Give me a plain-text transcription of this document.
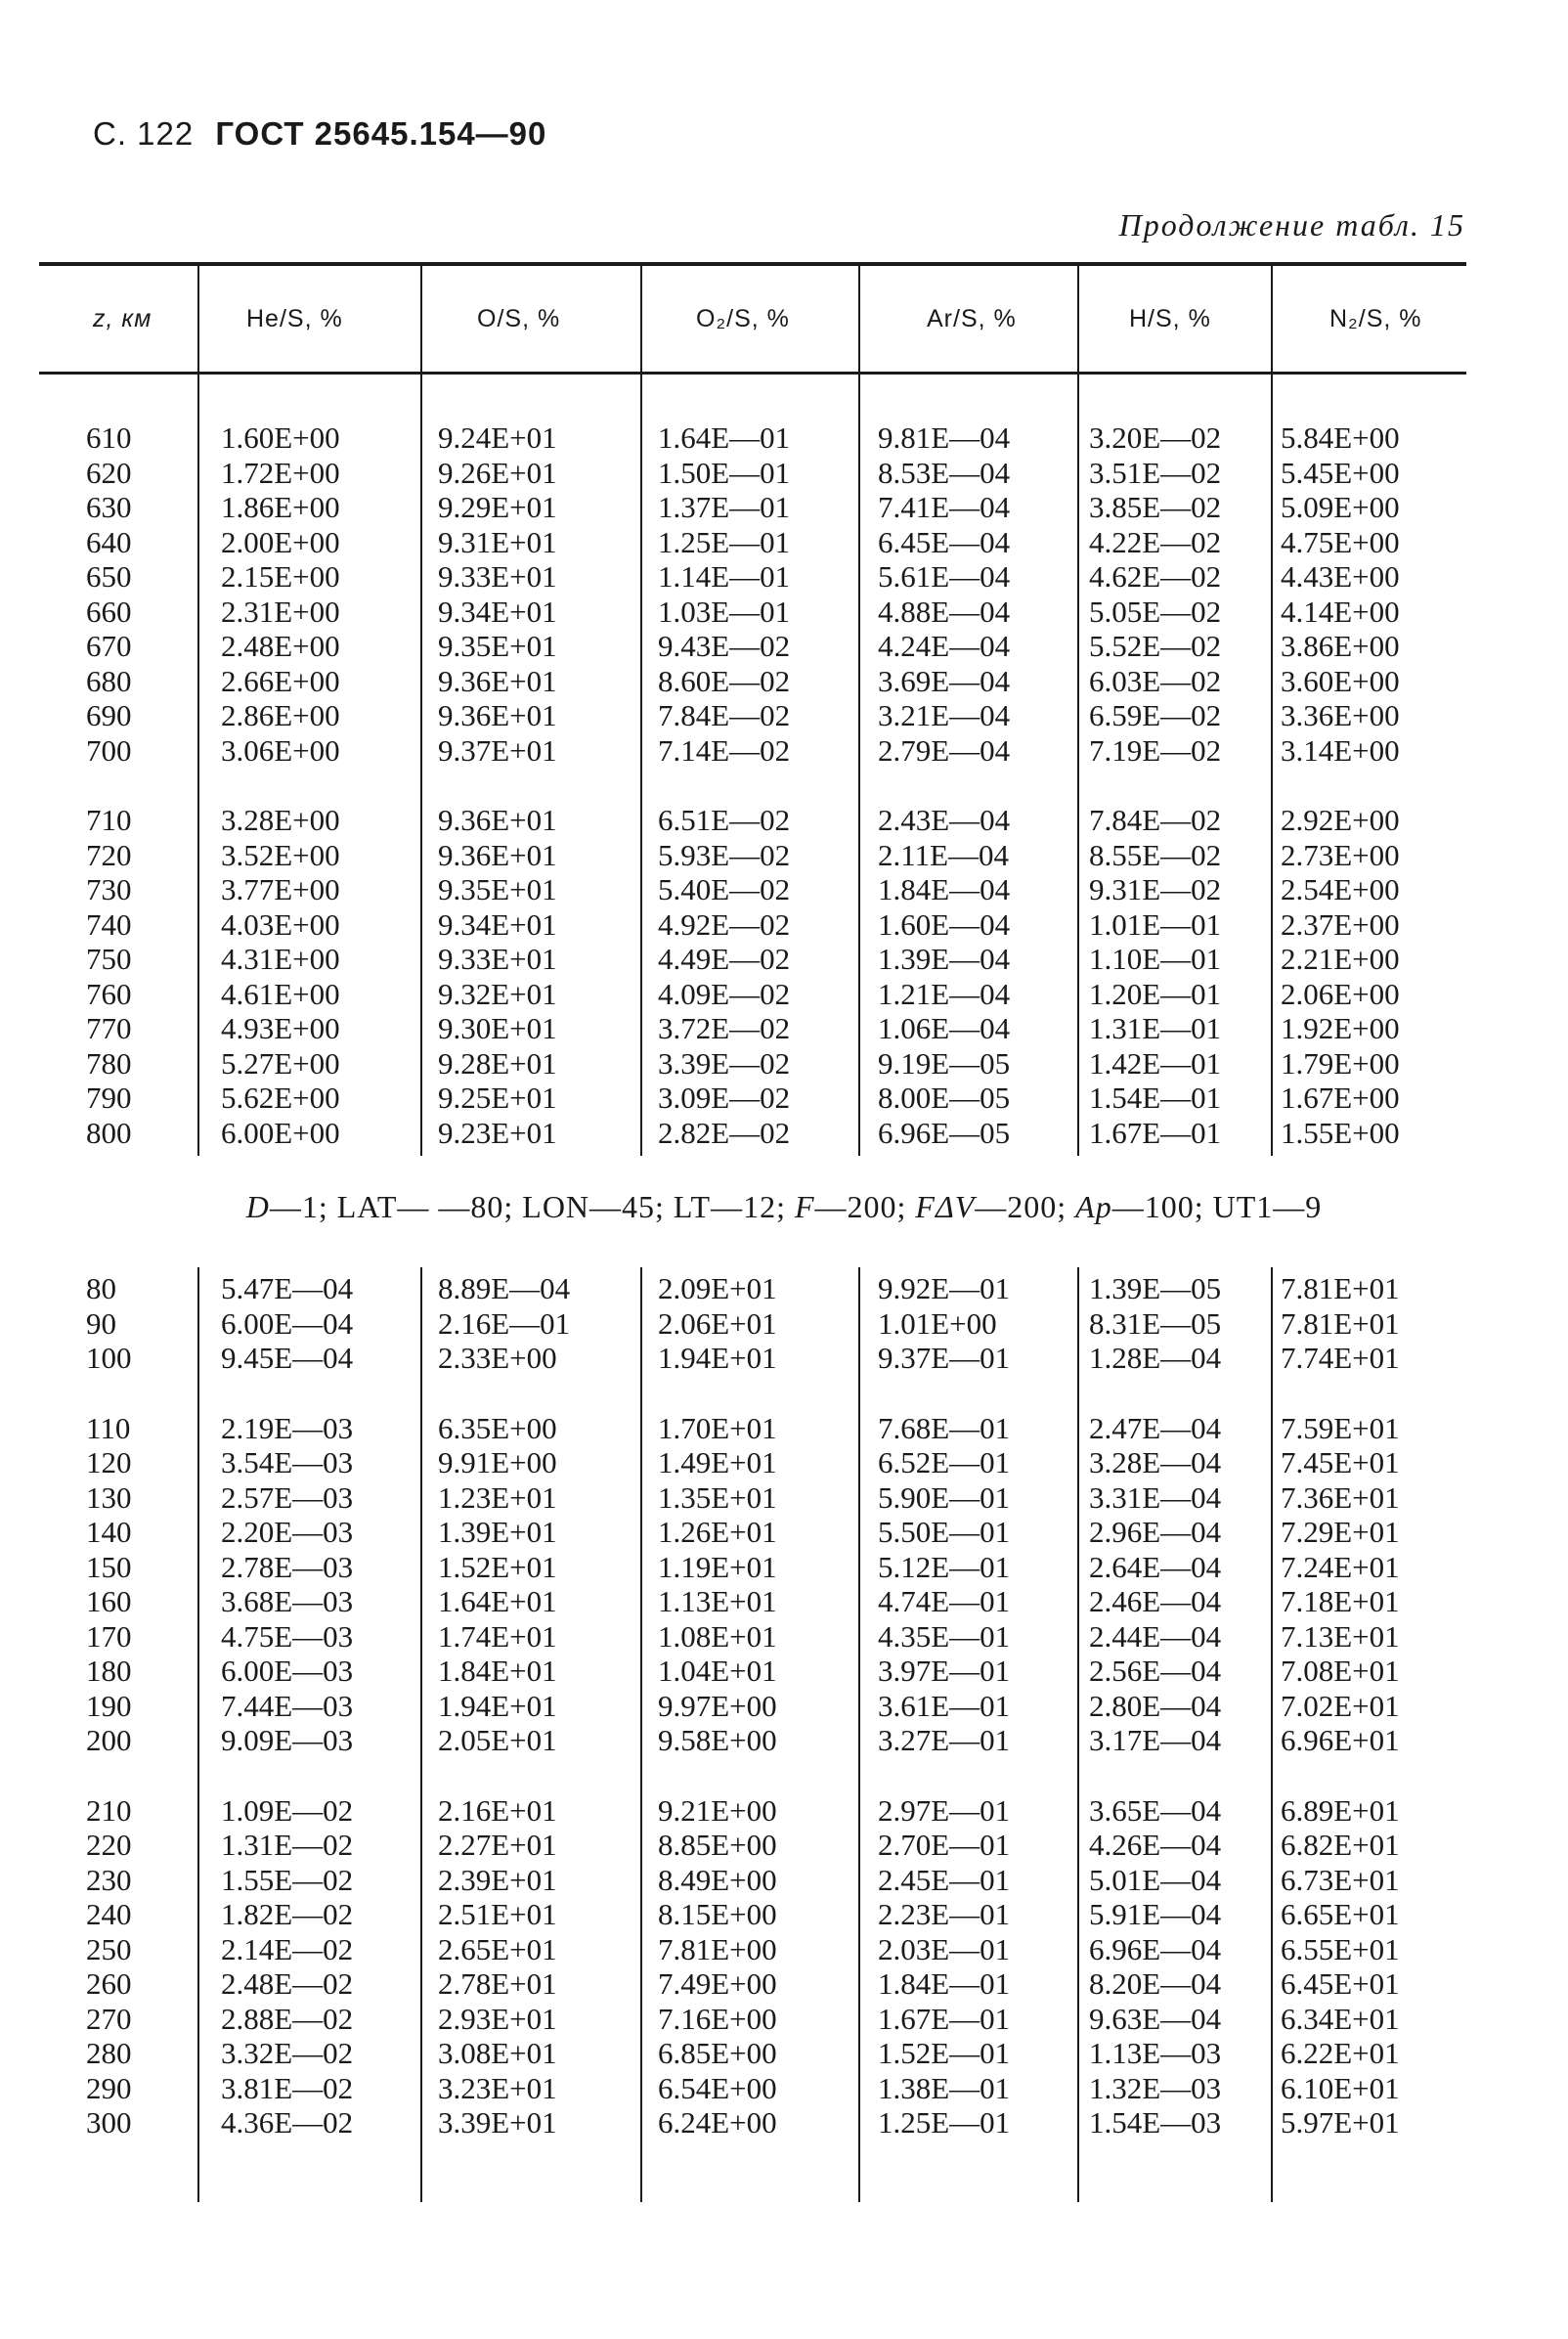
С. 122 ГОСТ 25645.154—90
Продолжение табл. 15
z, км	He/S, %	O/S, %	O₂/S, %	Ar/S, %	H/S, %	N₂/S, %
D—1; LAT— —80; LON—45; LT—12; F—200; FΔV—200; Ap—100; UT1—9
610	1.60E+00	9.24E+01	1.64E—01	9.81E—04	3.20E—02 5.84E+00
620	1.72E+00	9.26E+01	1.50E—01	8.53E—04	3.51E—02 5.45E+00
630	1.86E+00	9.29E+01	1.37E—01	7.41E—04	3.85E—02 5.09E+00
640	2.00E+00	9.31E+01	1.25E—01	6.45E—04	4.22E—02 4.75E+00
650	2.15E+00	9.33E+01	1.14E—01	5.61E—04	4.62E—02 4.43E+00
660	2.31E+00	9.34E+01	1.03E—01	4.88E—04	5.05E—02 4.14E+00
670	2.48E+00	9.35E+01	9.43E—02	4.24E—04	5.52E—02 3.86E+00
680	2.66E+00	9.36E+01	8.60E—02	3.69E—04	6.03E—02 3.60E+00
690	2.86E+00	9.36E+01	7.84E—02	3.21E—04	6.59E—02 3.36E+00
700	3.06E+00	9.37E+01	7.14E—02	2.79E—04	7.19E—02 3.14E+00
710	3.28E+00	9.36E+01	6.51E—02	2.43E—04	7.84E—02 2.92E+00
720	3.52E+00	9.36E+01	5.93E—02	2.11E—04	8.55E—02 2.73E+00
730	3.77E+00	9.35E+01	5.40E—02	1.84E—04	9.31E—02 2.54E+00
740	4.03E+00	9.34E+01	4.92E—02	1.60E—04	1.01E—01 2.37E+00
750	4.31E+00	9.33E+01	4.49E—02	1.39E—04	1.10E—01 2.21E+00
760	4.61E+00	9.32E+01	4.09E—02	1.21E—04	1.20E—01 2.06E+00
770	4.93E+00	9.30E+01	3.72E—02	1.06E—04	1.31E—01 1.92E+00
780	5.27E+00	9.28E+01	3.39E—02	9.19E—05	1.42E—01 1.79E+00
790	5.62E+00	9.25E+01	3.09E—02	8.00E—05	1.54E—01 1.67E+00
800	6.00E+00	9.23E+01	2.82E—02	6.96E—05	1.67E—01 1.55E+00
80	5.47E—04	8.89E—04	2.09E+01	9.92E—01	1.39E—05 7.81E+01
90	6.00E—04	2.16E—01	2.06E+01	1.01E+00	8.31E—05 7.81E+01
100	9.45E—04	2.33E+00	1.94E+01	9.37E—01	1.28E—04 7.74E+01
110	2.19E—03	6.35E+00	1.70E+01	7.68E—01	2.47E—04 7.59E+01
120	3.54E—03	9.91E+00	1.49E+01	6.52E—01	3.28E—04 7.45E+01
130	2.57E—03	1.23E+01	1.35E+01	5.90E—01	3.31E—04 7.36E+01
140	2.20E—03	1.39E+01	1.26E+01	5.50E—01	2.96E—04 7.29E+01
150	2.78E—03	1.52E+01	1.19E+01	5.12E—01	2.64E—04 7.24E+01
160	3.68E—03	1.64E+01	1.13E+01	4.74E—01	2.46E—04 7.18E+01
170	4.75E—03	1.74E+01	1.08E+01	4.35E—01	2.44E—04 7.13E+01
180	6.00E—03	1.84E+01	1.04E+01	3.97E—01	2.56E—04 7.08E+01
190	7.44E—03	1.94E+01	9.97E+00	3.61E—01	2.80E—04 7.02E+01
200	9.09E—03	2.05E+01	9.58E+00	3.27E—01	3.17E—04 6.96E+01
210	1.09E—02	2.16E+01	9.21E+00	2.97E—01	3.65E—04 6.89E+01
220	1.31E—02	2.27E+01	8.85E+00	2.70E—01	4.26E—04 6.82E+01
230	1.55E—02	2.39E+01	8.49E+00	2.45E—01	5.01E—04 6.73E+01
240	1.82E—02	2.51E+01	8.15E+00	2.23E—01	5.91E—04 6.65E+01
250	2.14E—02	2.65E+01	7.81E+00	2.03E—01	6.96E—04 6.55E+01
260	2.48E—02	2.78E+01	7.49E+00	1.84E—01	8.20E—04 6.45E+01
270	2.88E—02	2.93E+01	7.16E+00	1.67E—01	9.63E—04 6.34E+01
280	3.32E—02	3.08E+01	6.85E+00	1.52E—01	1.13E—03 6.22E+01
290	3.81E—02	3.23E+01	6.54E+00	1.38E—01	1.32E—03 6.10E+01
300	4.36E—02	3.39E+01	6.24E+00	1.25E—01	1.54E—03 5.97E+01
